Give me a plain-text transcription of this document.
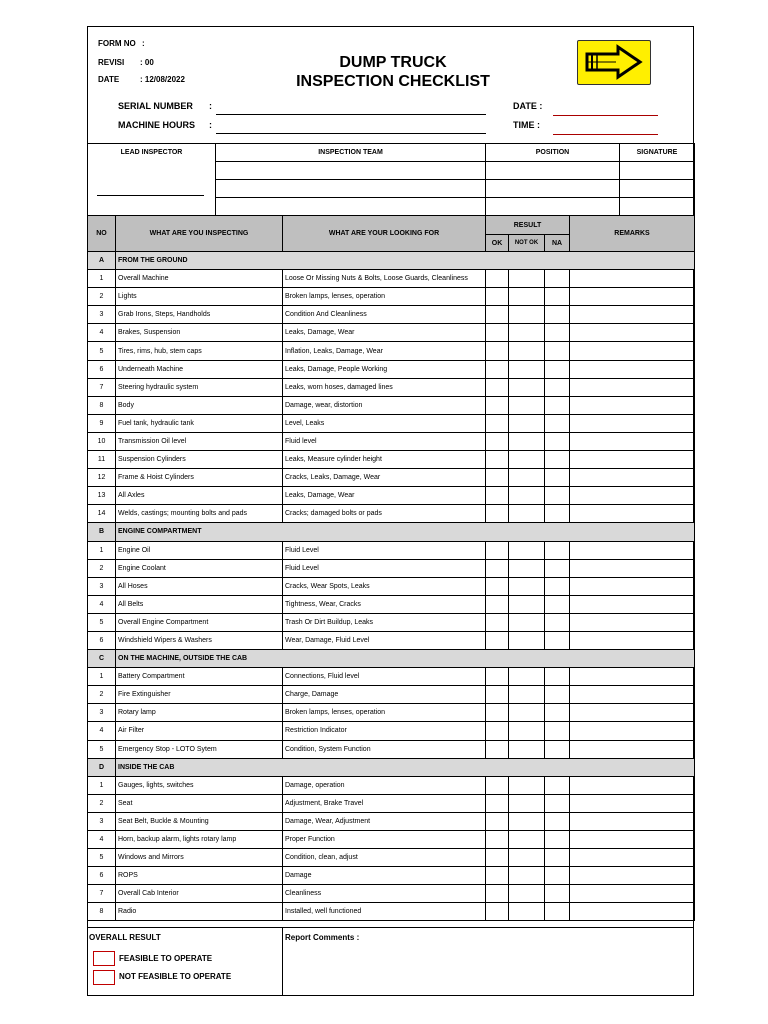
FORM NO :
REVISI : 00
DATE	: 12/08/2022
DUMP TRUCK
INSPECTION CHECKLIST
SERIAL NUMBER :
MACHINE HOURS :
DATE :
TIME :
LEAD INSPECTOR	INSPECTION TEAM	POSITION	SIGNATURE

NO	WHAT ARE YOU INSPECTING	WHAT ARE YOUR LOOKING FOR	RESULT			REMARKS
			OK	NOT OK	NA	
A	FROM THE GROUND					
1	Overall Machine	Loose Or Missing Nuts & Bolts, Loose Guards, Cleanliness				
2	Lights	Broken lamps, lenses, operation				
3	Grab Irons, Steps, Handholds	Condition And Cleanliness				
4	Brakes, Suspension	Leaks, Damage, Wear				
5	Tires, rims, hub, stem caps	Inflation, Leaks, Damage, Wear				
6	Underneath Machine	Leaks, Damage, People Working				
7	Steering hydraulic system	Leaks, worn hoses, damaged lines				
8	Body	Damage, wear, distortion				
9	Fuel tank, hydraulic tank	Level, Leaks				
10	Transmission Oil level	Fluid level				
11	Suspension Cylinders	Leaks, Measure cylinder height				
12	Frame & Hoist Cylinders	Cracks, Leaks, Damage, Wear				
13	All Axles	Leaks, Damage, Wear				
14	Welds, castings; mounting bolts and pads	Cracks; damaged bolts or pads				
B	ENGINE COMPARTMENT					
1	Engine Oil	Fluid Level				
2	Engine Coolant	Fluid Level				
3	All Hoses	Cracks, Wear Spots, Leaks				
4	All Belts	Tightness, Wear, Cracks				
5	Overall Engine Compartment	Trash Or Dirt Buildup, Leaks				
6	Windshield Wipers & Washers	Wear, Damage, Fluid Level				
C	ON THE MACHINE, OUTSIDE THE CAB					
1	Battery Compartment	Connections, Fluid level				
2	Fire Extinguisher	Charge, Damage				
3	Rotary lamp	Broken lamps, lenses, operation				
4	Air Filter	Restriction Indicator				
5	Emergency Stop - LOTO Sytem	Condition, System Function				
D	INSIDE THE CAB					
1	Gauges, lights, switches	Damage, operation				
2	Seat	Adjustment, Brake Travel				
3	Seat Belt, Buckle & Mounting	Damage, Wear, Adjustment				
4	Horn, backup alarm, lights rotary lamp	Proper Function				
5	Windows and Mirrors	Condition, clean, adjust				
6	ROPS	Damage				
7	Overall Cab Interior	Cleanliness				
8	Radio	Installed, well functioned				
OVERALL RESULT
FEASIBLE TO OPERATE
NOT FEASIBLE TO OPERATE
Report Comments :
